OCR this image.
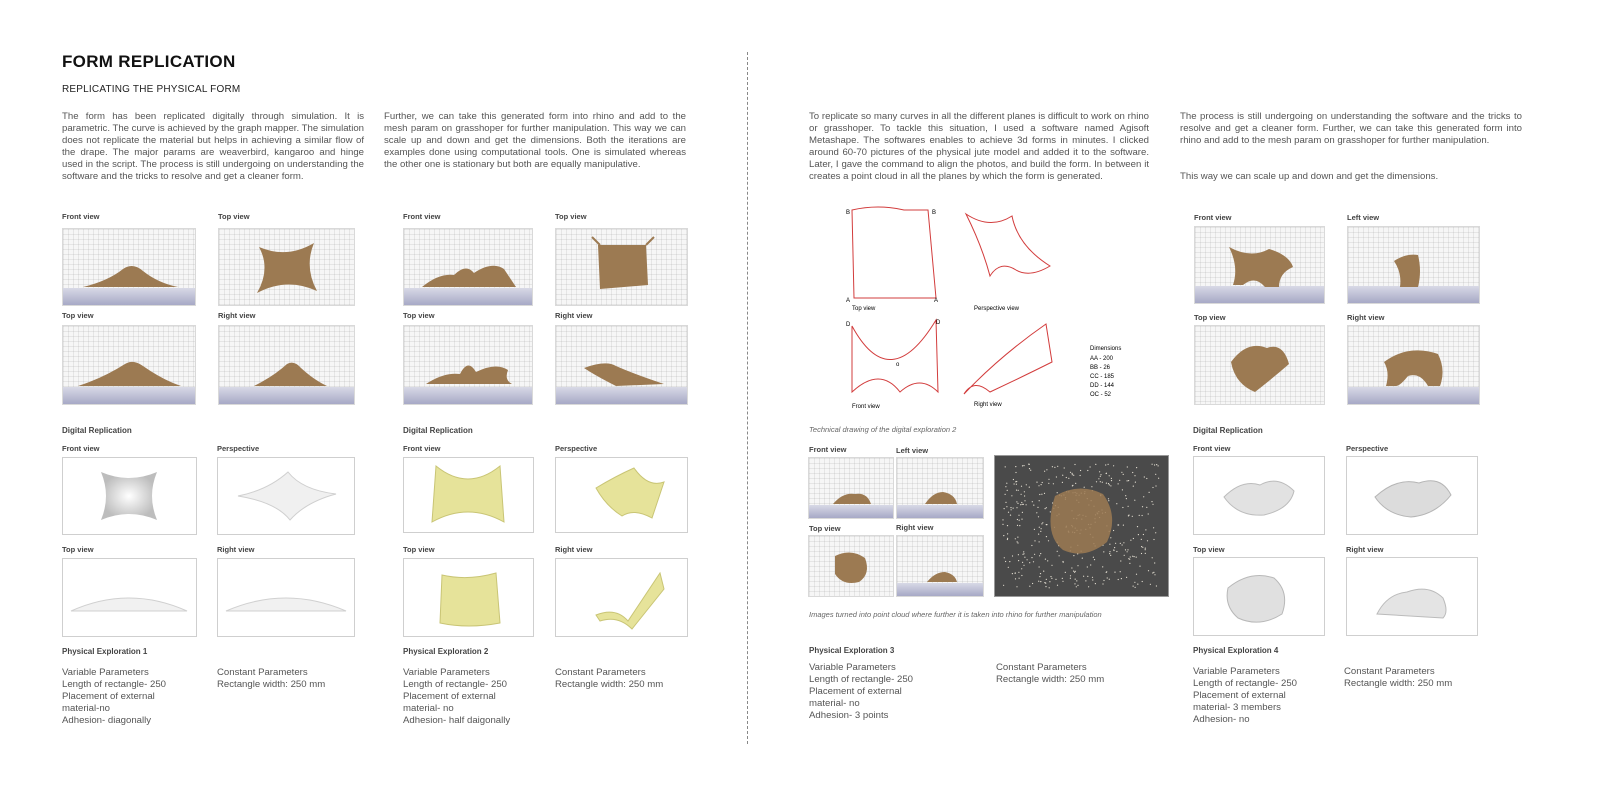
FORM REPLICATION
REPLICATING THE PHYSICAL FORM
The form has been replicated digitally through simulation. It is parametric. The curve is achieved by the graph mapper. The simulation does not replicate the material but helps in achieving a similar flow of the drape. The major params are weaverbird, kangaroo and hinge used in the script. The process is still undergoing on understanding the software and the tricks to resolve and get a cleaner form.
Further, we can take this generated form into rhino and add to the mesh param on grasshoper for further manipulation. This way we can scale up and down and get the dimensions. Both the iterations are examples done using computational tools. One is simulated whereas the other one is stationary but both are equally manipulative.
Front view	Top view
Top view	Right view
Front view	Top view
Top view	Right view
Digital Replication	Digital Replication
Front view	Perspective
Top view	Right view
Front view	Perspective
Top view	Right view
Physical Exploration 1
Variable Parameters
Length of rectangle- 250
Placement of external
material-no
Adhesion- diagonally
Constant Parameters
Rectangle width: 250 mm
Physical Exploration 2
Variable Parameters
Length of rectangle- 250
Placement of external
material- no
Adhesion- half daigonally
Constant Parameters
Rectangle width: 250 mm
To replicate so many curves in all the different planes is difficult to work on rhino or grasshoper. To tackle this situation, I used a software named Agisoft Metashape. The softwares enables to achieve 3d forms in minutes. I clicked around 60-70 pictures of the physical jute model and added it to the software. Later, I gave the command to align the photos, and build the form. In between it creates a point cloud in all the planes by which the form is generated.
The process is still undergoing on understanding the software and the tricks to resolve and get a cleaner form. Further, we can take this generated form into rhino and add to the mesh param on grasshoper for further manipulation.
This way we can scale up and down and get the dimensions.
B	B
A	A
Top view	Perspective view
D	D
o
Front view	Right view
Dimensions
AA - 200
BB - 26
CC - 185
DD - 144
OC - 52
Technical drawing of the digital exploration 2
Front view	Left view
Top view	Right view
Images turned into point cloud where further it is taken into rhino for further manipulation
Front view	Left view
Top view	Right view
Digital Replication
Front view	Perspective
Top view	Right view
Physical Exploration 3
Variable Parameters
Length of rectangle- 250
Placement of external
material- no
Adhesion- 3 points
Constant Parameters
Rectangle width: 250 mm
Physical Exploration 4
Variable Parameters
Length of rectangle- 250
Placement of external
material- 3 members
Adhesion- no
Constant Parameters
Rectangle width: 250 mm
